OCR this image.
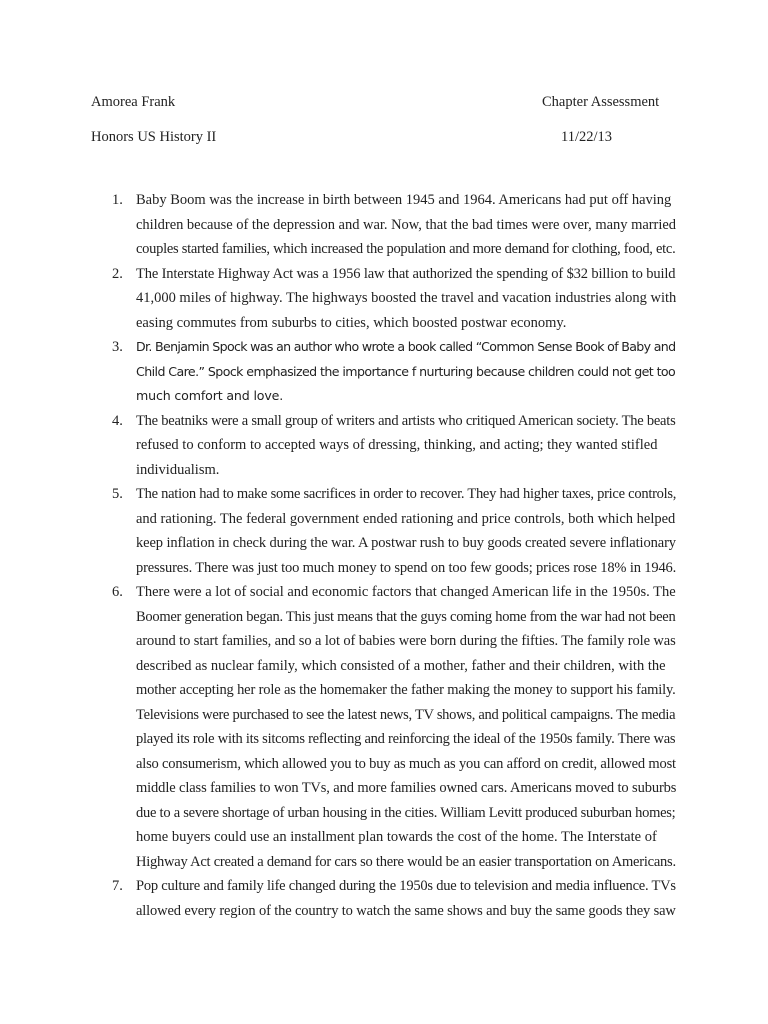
Amorea Frank	Chapter Assessment
Honors US History II	11/22/13
1. Baby Boom was the increase in birth between 1945 and 1964. Americans had put off having
children because of the depression and war. Now, that the bad times were over, many married
couples started families, which increased the population and more demand for clothing, food, etc.
2. The Interstate Highway Act was a 1956 law that authorized the spending of $32 billion to build
41,000 miles of highway. The highways boosted the travel and vacation industries along with
easing commutes from suburbs to cities, which boosted postwar economy.
3.	Dr. Benjamin Spock was an author who wrote a book called “Common Sense Book of Baby and
Child Care.” Spock emphasized the importance f nurturing because children could not get too
much comfort and love.
4. The beatniks were a small group of writers and artists who critiqued American society. The beats
refused to conform to accepted ways of dressing, thinking, and acting; they wanted stifled
individualism.
5. The nation had to make some sacrifices in order to recover. They had higher taxes, price controls,
and rationing. The federal government ended rationing and price controls, both which helped
keep inflation in check during the war. A postwar rush to buy goods created severe inflationary
pressures. There was just too much money to spend on too few goods; prices rose 18% in 1946.
6. There were a lot of social and economic factors that changed American life in the 1950s. The
Boomer generation began. This just means that the guys coming home from the war had not been
around to start families, and so a lot of babies were born during the fifties. The family role was
described as nuclear family, which consisted of a mother, father and their children, with the
mother accepting her role as the homemaker the father making the money to support his family.
Televisions were purchased to see the latest news, TV shows, and political campaigns. The media
played its role with its sitcoms reflecting and reinforcing the ideal of the 1950s family. There was
also consumerism, which allowed you to buy as much as you can afford on credit, allowed most
middle class families to won TVs, and more families owned cars. Americans moved to suburbs
due to a severe shortage of urban housing in the cities. William Levitt produced suburban homes;
home buyers could use an installment plan towards the cost of the home. The Interstate of
Highway Act created a demand for cars so there would be an easier transportation on Americans.
7. Pop culture and family life changed during the 1950s due to television and media influence. TVs
allowed every region of the country to watch the same shows and buy the same goods they saw
